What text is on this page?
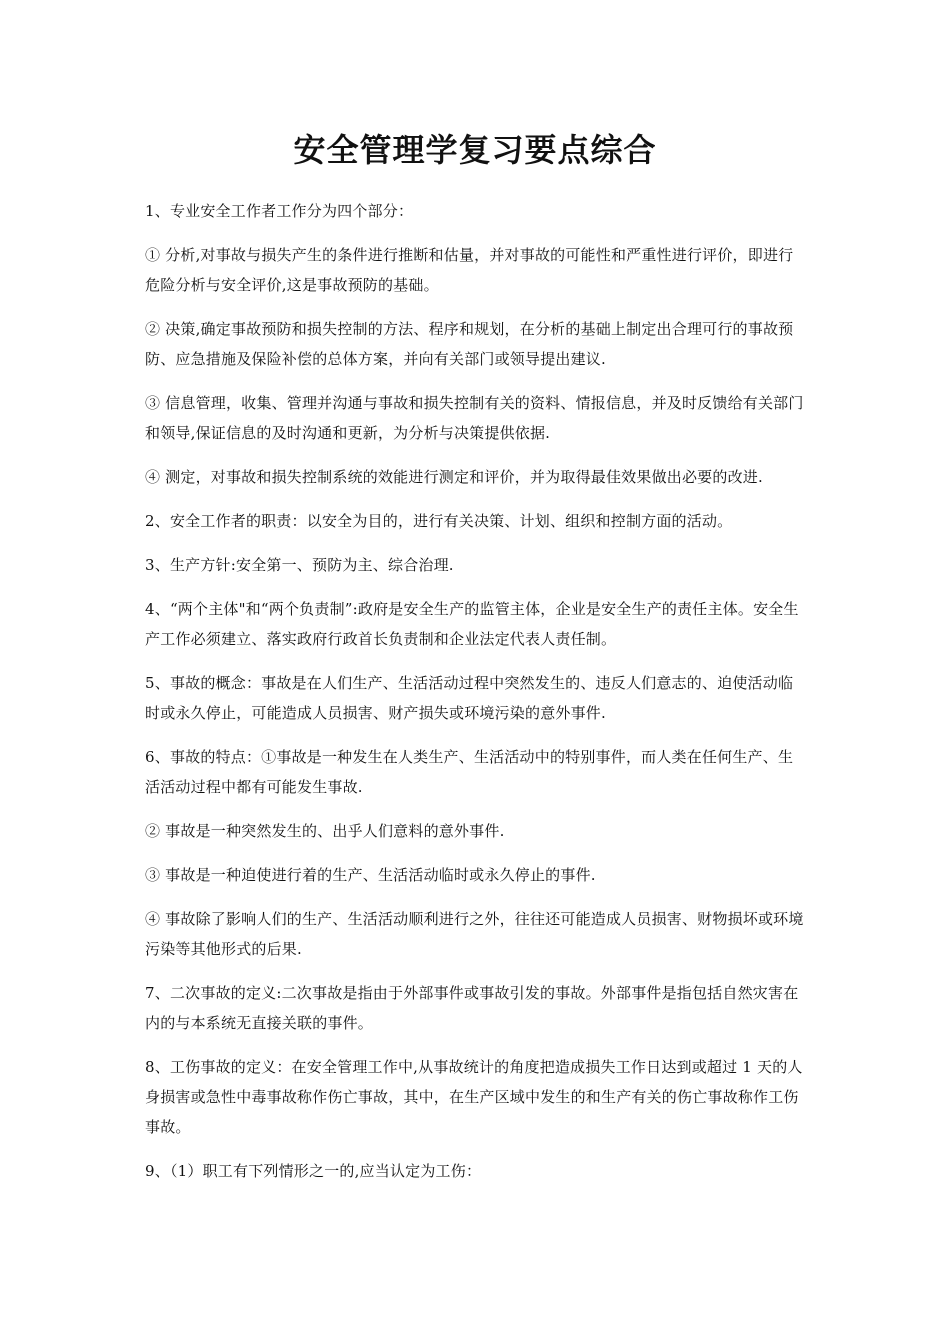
安全管理学复习要点综合

1、专业安全工作者工作分为四个部分：

① 分析,对事故与损失产生的条件进行推断和估量，并对事故的可能性和严重性进行评价，即进行危险分析与安全评价,这是事故预防的基础。

② 决策,确定事故预防和损失控制的方法、程序和规划，在分析的基础上制定出合理可行的事故预防、应急措施及保险补偿的总体方案，并向有关部门或领导提出建议.

③ 信息管理，收集、管理并沟通与事故和损失控制有关的资料、情报信息，并及时反馈给有关部门和领导,保证信息的及时沟通和更新，为分析与决策提供依据.

④ 测定，对事故和损失控制系统的效能进行测定和评价，并为取得最佳效果做出必要的改进.

2、安全工作者的职责：以安全为目的，进行有关决策、计划、组织和控制方面的活动。

3、生产方针:安全第一、预防为主、综合治理.

4、“两个主体"和“两个负责制”:政府是安全生产的监管主体，企业是安全生产的责任主体。安全生产工作必须建立、落实政府行政首长负责制和企业法定代表人责任制。

5、事故的概念：事故是在人们生产、生活活动过程中突然发生的、违反人们意志的、迫使活动临时或永久停止，可能造成人员损害、财产损失或环境污染的意外事件.

6、事故的特点：①事故是一种发生在人类生产、生活活动中的特别事件，而人类在任何生产、生活活动过程中都有可能发生事故.

② 事故是一种突然发生的、出乎人们意料的意外事件.

③ 事故是一种迫使进行着的生产、生活活动临时或永久停止的事件.

④ 事故除了影响人们的生产、生活活动顺利进行之外，往往还可能造成人员损害、财物损坏或环境污染等其他形式的后果.

7、二次事故的定义:二次事故是指由于外部事件或事故引发的事故。外部事件是指包括自然灾害在内的与本系统无直接关联的事件。

8、工伤事故的定义：在安全管理工作中,从事故统计的角度把造成损失工作日达到或超过 1 天的人身损害或急性中毒事故称作伤亡事故，其中，在生产区域中发生的和生产有关的伤亡事故称作工伤事故。

9、（1）职工有下列情形之一的,应当认定为工伤：
